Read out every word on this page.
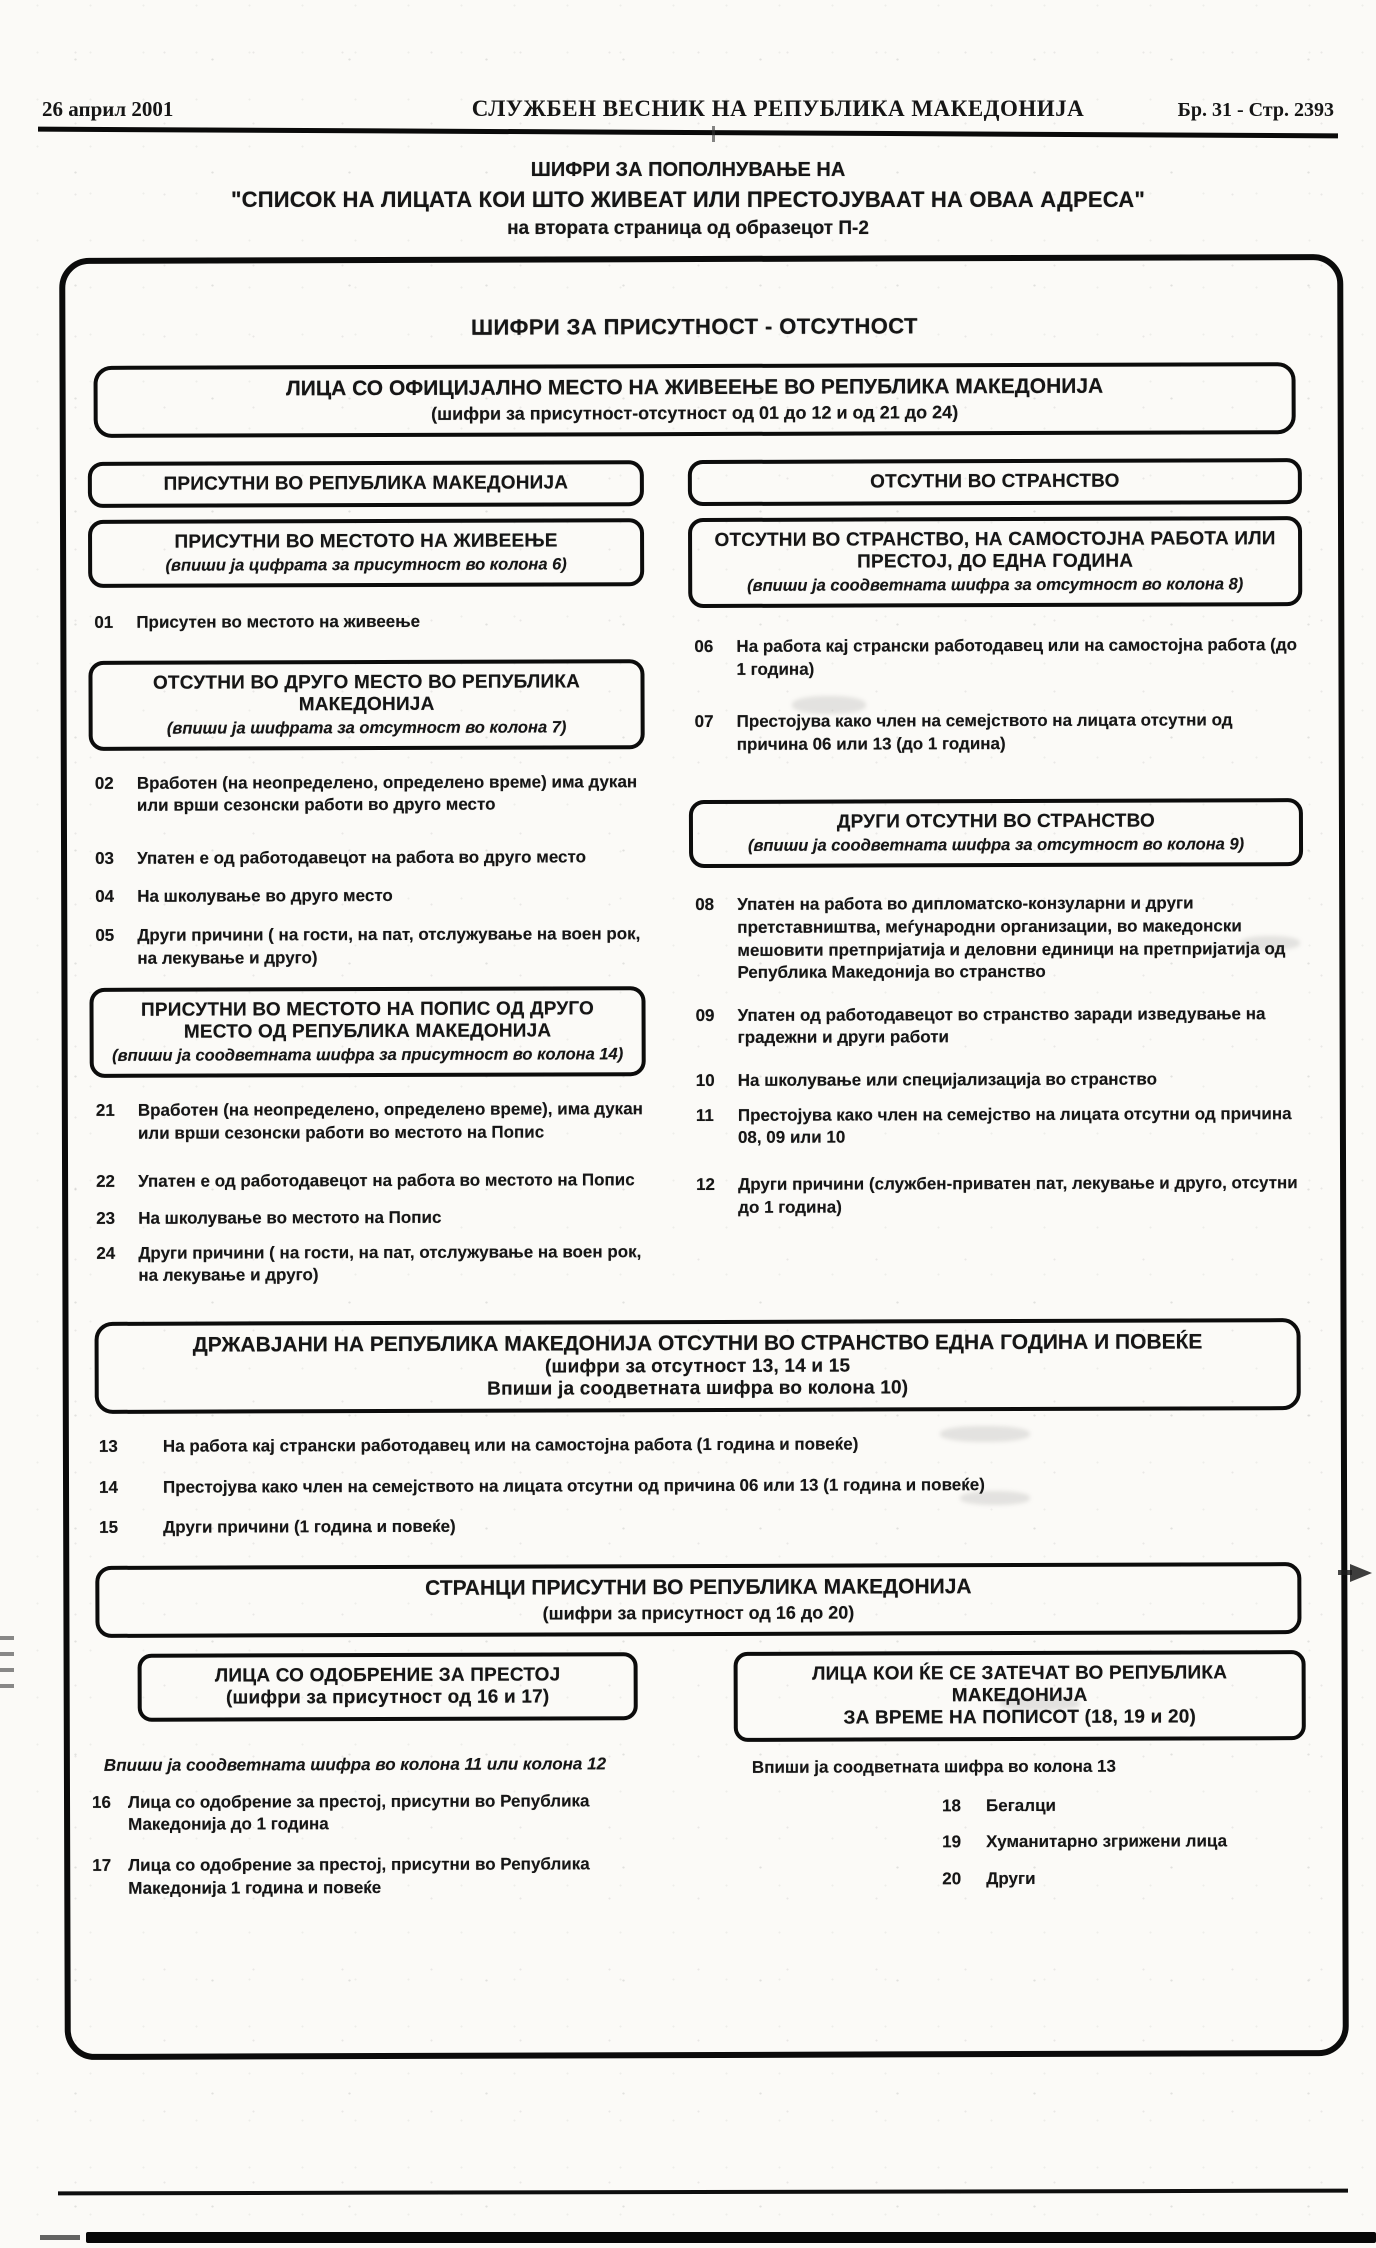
26 април 2001	СЛУЖБЕН ВЕСНИК НА РЕПУБЛИКА МАКЕДОНИЈА	Бр. 31 - Стр. 2393
ШИФРИ ЗА ПОПОЛНУВАЊЕ НА
"СПИСОК НА ЛИЦАТА КОИ ШТО ЖИВЕАТ ИЛИ ПРЕСТОЈУВААТ НА ОВАА АДРЕСА"
на втората страница од образецот П-2
ШИФРИ ЗА ПРИСУТНОСТ - ОТСУТНОСТ
ЛИЦА СО ОФИЦИЈАЛНО МЕСТО НА ЖИВЕЕЊЕ ВО РЕПУБЛИКА МАКЕДОНИЈА
(шифри за присутност-отсутност од 01 до 12 и од 21 до 24)
ПРИСУТНИ ВО РЕПУБЛИКА МАКЕДОНИЈА
ПРИСУТНИ ВО МЕСТОТО НА ЖИВЕЕЊЕ
(впиши ја цифрата за присутност во колона 6)
01	Присутен во местото на живеење
ОТСУТНИ ВО ДРУГО МЕСТО ВО РЕПУБЛИКА МАКЕДОНИЈА
(впиши ја шифрата за отсутност во колона 7)
02	Вработен (на неопределено, определено време) има дукан или врши сезонски работи во друго место
03	Упатен е од работодавецот на работа во друго место
04	На школување во друго место
05	Други причини ( на гости, на пат, отслужување на воен рок, на лекување и друго)
ПРИСУТНИ ВО МЕСТОТО НА ПОПИС ОД ДРУГО
МЕСТО ОД РЕПУБЛИКА МАКЕДОНИЈА
(впиши ја соодветната шифра за присутност во колона 14)
21	Вработен (на неопределено, определено време), има дукан или врши сезонски работи во местото на Попис
22	Упатен е од работодавецот на работа во местото на Попис
23	На школување во местото на Попис
24	Други причини ( на гости, на пат, отслужување на воен рок, на лекување и друго)
ОТСУТНИ ВО СТРАНСТВО
ОТСУТНИ ВО СТРАНСТВО, НА САМОСТОЈНА РАБОТА ИЛИ
ПРЕСТОЈ, ДО ЕДНА ГОДИНА
(впиши ја соодветната шифра за отсутност во колона 8)
06	На работа кај странски работодавец или на самостојна работа (до 1 година)
07	Престојува како член на семејството на лицата отсутни од причина 06 или 13 (до 1 година)
ДРУГИ ОТСУТНИ ВО СТРАНСТВО
(впиши ја соодветната шифра за отсутност во колона 9)
08	Упатен на работа во дипломатско-конзуларни и други претставништва, меѓународни организации, во македонски мешовити претпријатија и деловни единици на претпријатија од Република Македонија во странство
09	Упатен од работодавецот во странство заради изведување на градежни и други работи
10	На школување или специјализација во странство
11	Престојува како член на семејство на лицата отсутни од причина 08, 09 или 10
12	Други причини (службен-приватен пат, лекување и друго, отсутни до 1 година)
ДРЖАВЈАНИ НА РЕПУБЛИКА МАКЕДОНИЈА ОТСУТНИ ВО СТРАНСТВО ЕДНА ГОДИНА И ПОВЕЌЕ
(шифри за отсутност 13, 14 и 15
Впиши ја соодветната шифра во колона 10)
13	На работа кај странски работодавец или на самостојна работа (1 година и повеќе)
14	Престојува како член на семејството на лицата отсутни од причина 06 или 13 (1 година и повеќе)
15	Други причини (1 година и повеќе)
СТРАНЦИ ПРИСУТНИ ВО РЕПУБЛИКА МАКЕДОНИЈА
(шифри за присутност од 16 до 20)
ЛИЦА СО ОДОБРЕНИЕ ЗА ПРЕСТОЈ
(шифри за присутност од 16 и 17)
Впиши ја соодветната шифра во колона 11 или колона 12
16	Лица со одобрение за престој, присутни во Република Македонија до 1 година
17	Лица со одобрение за престој, присутни во Република Македонија 1 година и повеќе
ЛИЦА КОИ ЌЕ СЕ ЗАТЕЧАТ ВО РЕПУБЛИКА МАКЕДОНИЈА
ЗА ВРЕМЕ НА ПОПИСОТ (18, 19 и 20)
Впиши ја соодветната шифра во колона 13
18	Бегалци
19	Хуманитарно згрижени лица
20	Други
